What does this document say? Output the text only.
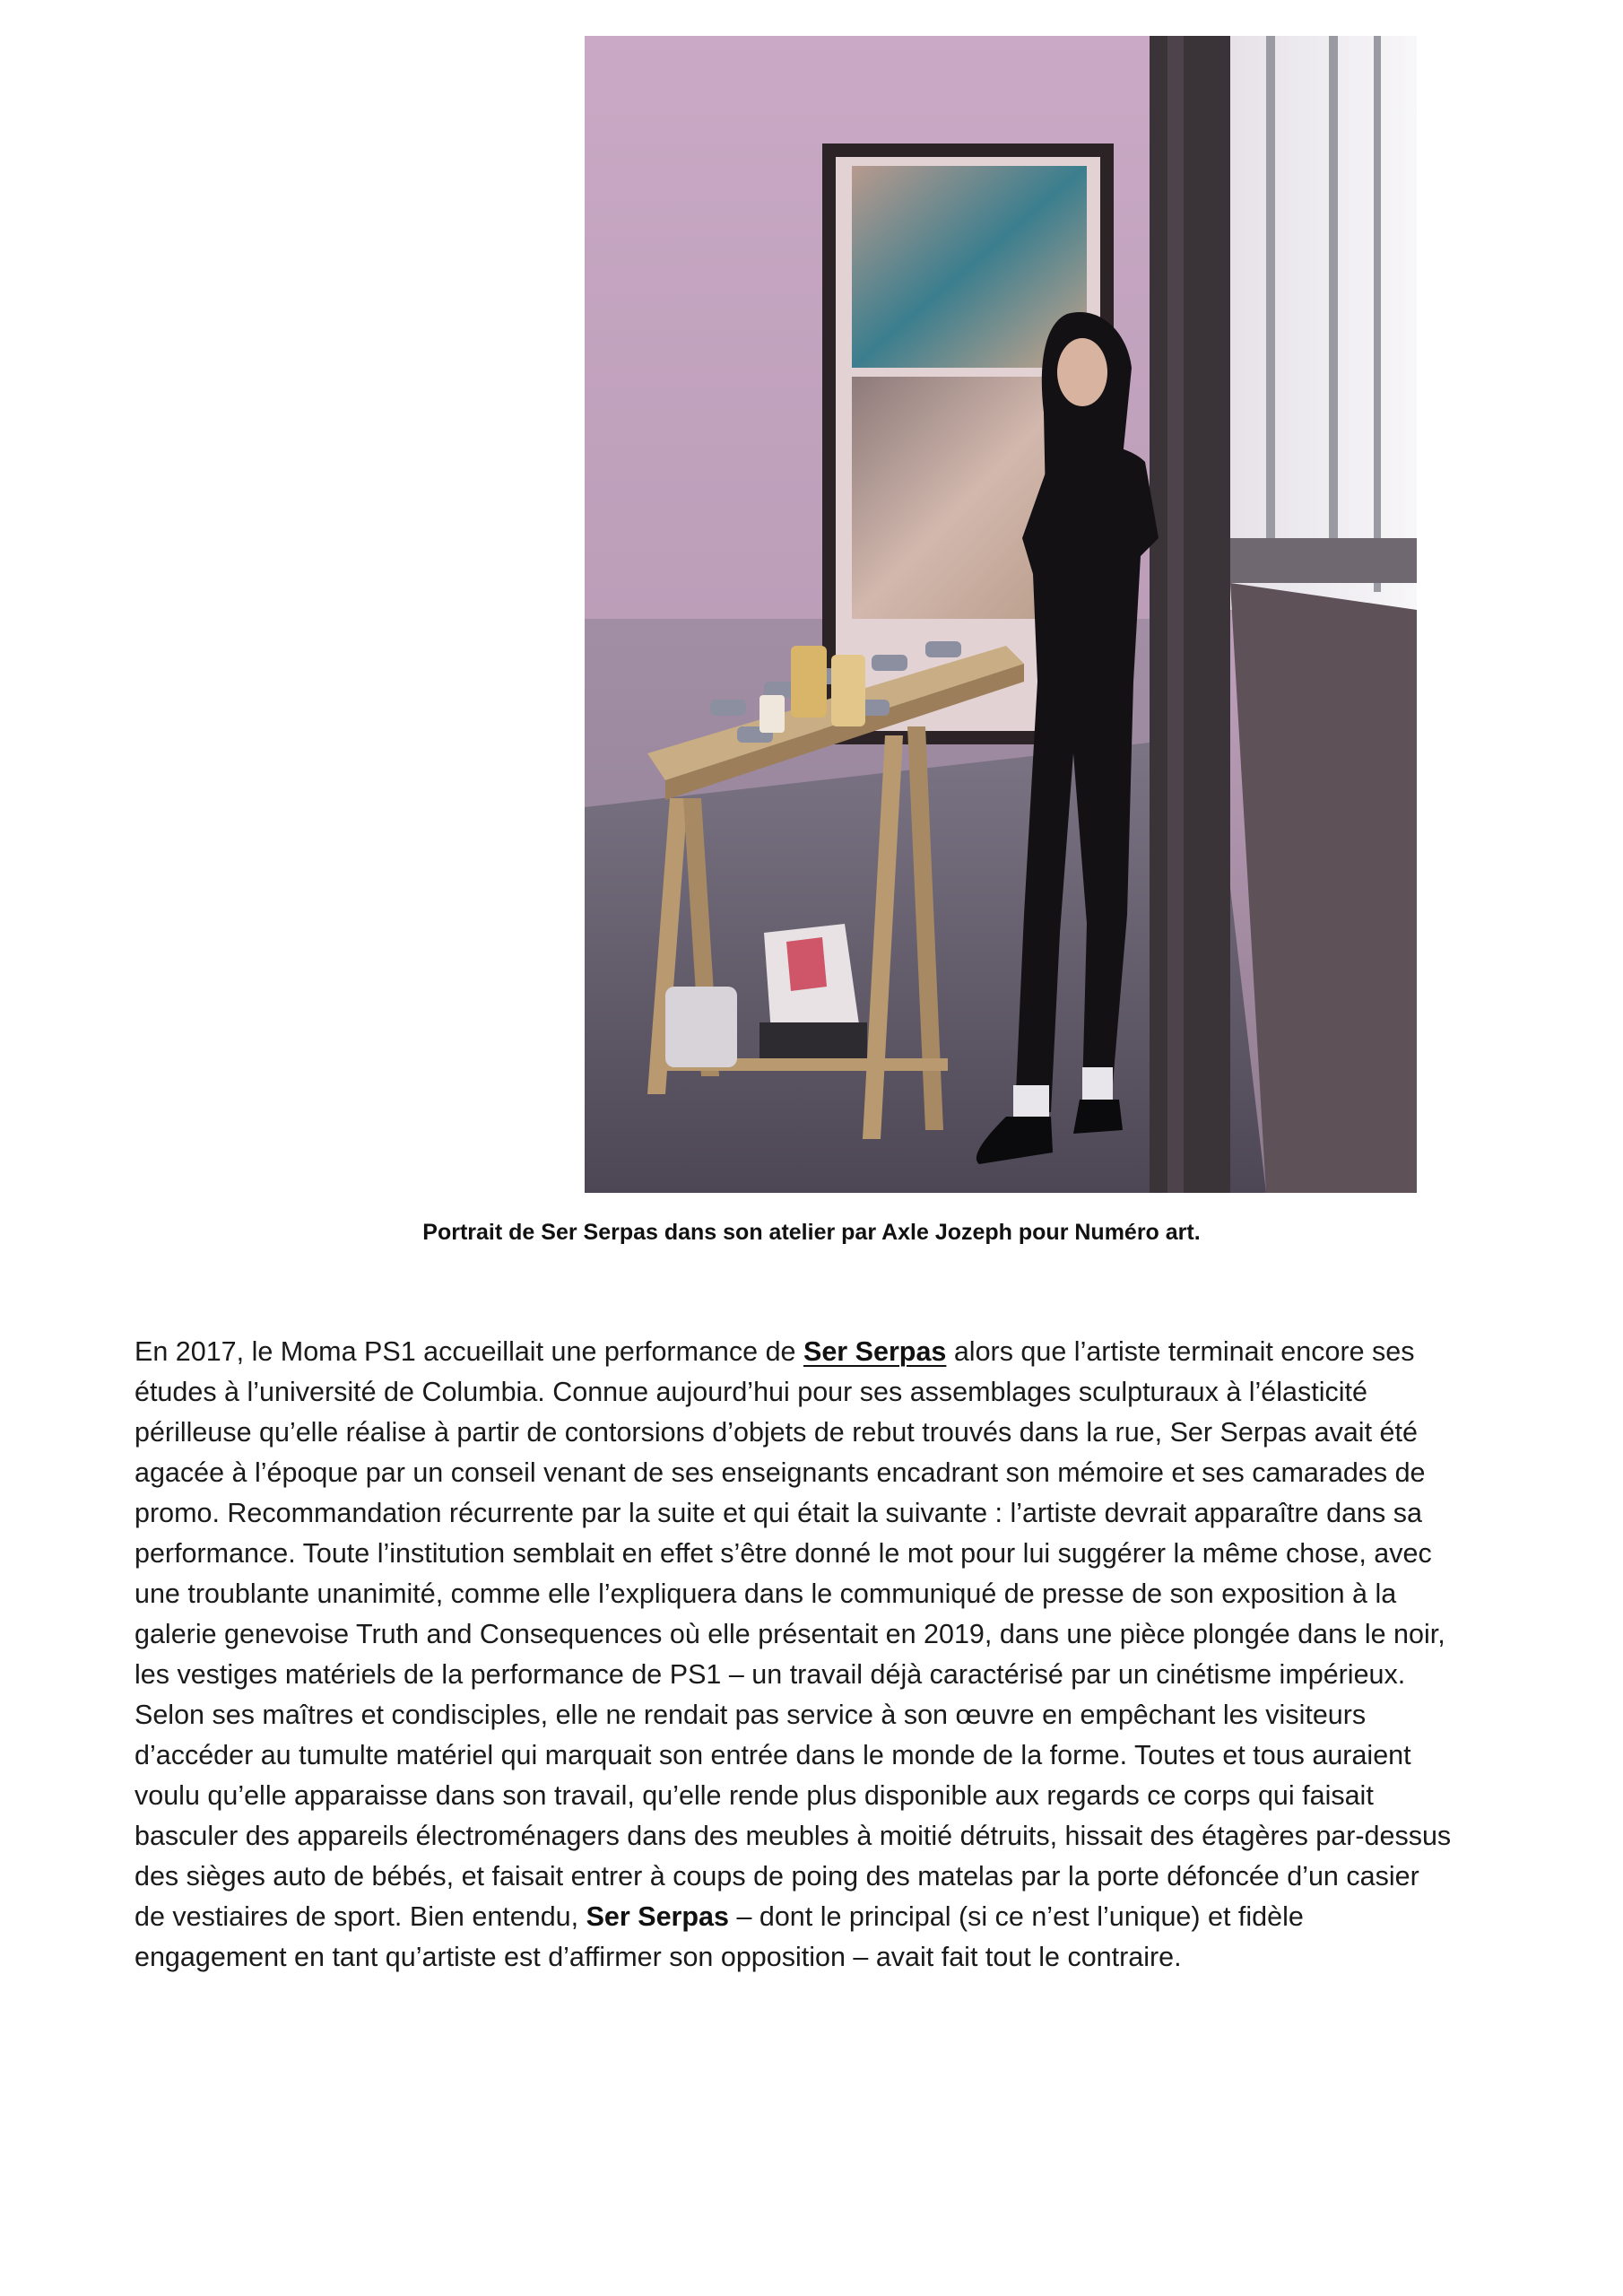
Portrait de Ser Serpas dans son atelier par Axle Jozeph pour Numéro art.
En 2017, le Moma PS1 accueillait une performance de Ser Serpas alors que l’artiste terminait encore ses
études à l’université de Columbia. Connue aujourd’hui pour ses assemblages sculpturaux à l’élasticité
périlleuse qu’elle réalise à partir de contorsions d’objets de rebut trouvés dans la rue, Ser Serpas avait été
agacée à l’époque par un conseil venant de ses enseignants encadrant son mémoire et ses camarades de
promo. Recommandation récurrente par la suite et qui était la suivante : l’artiste devrait apparaître dans sa
performance. Toute l’institution semblait en effet s’être donné le mot pour lui suggérer la même chose, avec
une troublante unanimité, comme elle l’expliquera dans le communiqué de presse de son exposition à la
galerie genevoise Truth and Consequences où elle présentait en 2019, dans une pièce plongée dans le noir,
les vestiges matériels de la performance de PS1 – un travail déjà caractérisé par un cinétisme impérieux.
Selon ses maîtres et condisciples, elle ne rendait pas service à son œuvre en empêchant les visiteurs
d’accéder au tumulte matériel qui marquait son entrée dans le monde de la forme. Toutes et tous auraient
voulu qu’elle apparaisse dans son travail, qu’elle rende plus disponible aux regards ce corps qui faisait
basculer des appareils électroménagers dans des meubles à moitié détruits, hissait des étagères par-dessus
des sièges auto de bébés, et faisait entrer à coups de poing des matelas par la porte défoncée d’un casier
de vestiaires de sport. Bien entendu, Ser Serpas – dont le principal (si ce n’est l’unique) et fidèle
engagement en tant qu’artiste est d’affirmer son opposition – avait fait tout le contraire.
